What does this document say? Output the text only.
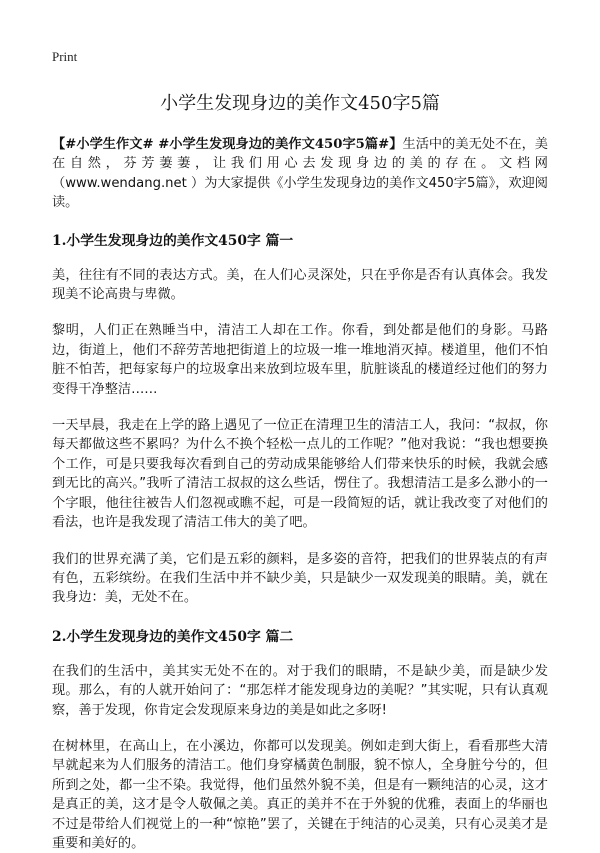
Print
小学生发现身边的美作文450字5篇

【#小学生作文# #小学生发现身边的美作文450字5篇#】生活中的美无处不在，美在自然，芬芳萋萋，让我们用心去发现身边的美的存在。文档网（www.wendang.net ）为大家提供《小学生发现身边的美作文450字5篇》，欢迎阅读。

1.小学生发现身边的美作文450字 篇一

美，往往有不同的表达方式。美，在人们心灵深处，只在乎你是否有认真体会。我发现美不论高贵与卑微。

黎明，人们正在熟睡当中，清洁工人却在工作。你看，到处都是他们的身影。马路边，街道上，他们不辞劳苦地把街道上的垃圾一堆一堆地消灭掉。楼道里，他们不怕脏不怕苦，把每家每户的垃圾拿出来放到垃圾车里，肮脏谈乱的楼道经过他们的努力变得干净整洁……

一天早晨，我走在上学的路上遇见了一位正在清理卫生的清洁工人，我问：“叔叔，你每天都做这些不累吗？为什么不换个轻松一点儿的工作呢？”他对我说：“我也想要换个工作，可是只要我每次看到自己的劳动成果能够给人们带来快乐的时候，我就会感到无比的高兴。”我听了清洁工叔叔的这么些话，愣住了。我想清洁工是多么渺小的一个字眼，他往往被告人们忽视或瞧不起，可是一段简短的话，就让我改变了对他们的看法，也许是我发现了清洁工伟大的美了吧。

我们的世界充满了美，它们是五彩的颜料，是多姿的音符，把我们的世界装点的有声有色，五彩缤纷。在我们生活中并不缺少美，只是缺少一双发现美的眼睛。美，就在我身边：美，无处不在。

2.小学生发现身边的美作文450字 篇二

在我们的生活中，美其实无处不在的。对于我们的眼睛，不是缺少美，而是缺少发现。那么，有的人就开始问了：“那怎样才能发现身边的美呢？”其实呢，只有认真观察，善于发现，你肯定会发现原来身边的美是如此之多呀!

在树林里，在高山上，在小溪边，你都可以发现美。例如走到大街上，看看那些大清早就起来为人们服务的清洁工。他们身穿橘黄色制服，貌不惊人，全身脏兮兮的，但所到之处，都一尘不染。我觉得，他们虽然外貌不美，但是有一颗纯洁的心灵，这才是真正的美，这才是令人敬佩之美。真正的美并不在于外貌的优雅，表面上的华丽也不过是带给人们视觉上的一种“惊艳”罢了，关键在于纯洁的心灵美，只有心灵美才是重要和美好的。
